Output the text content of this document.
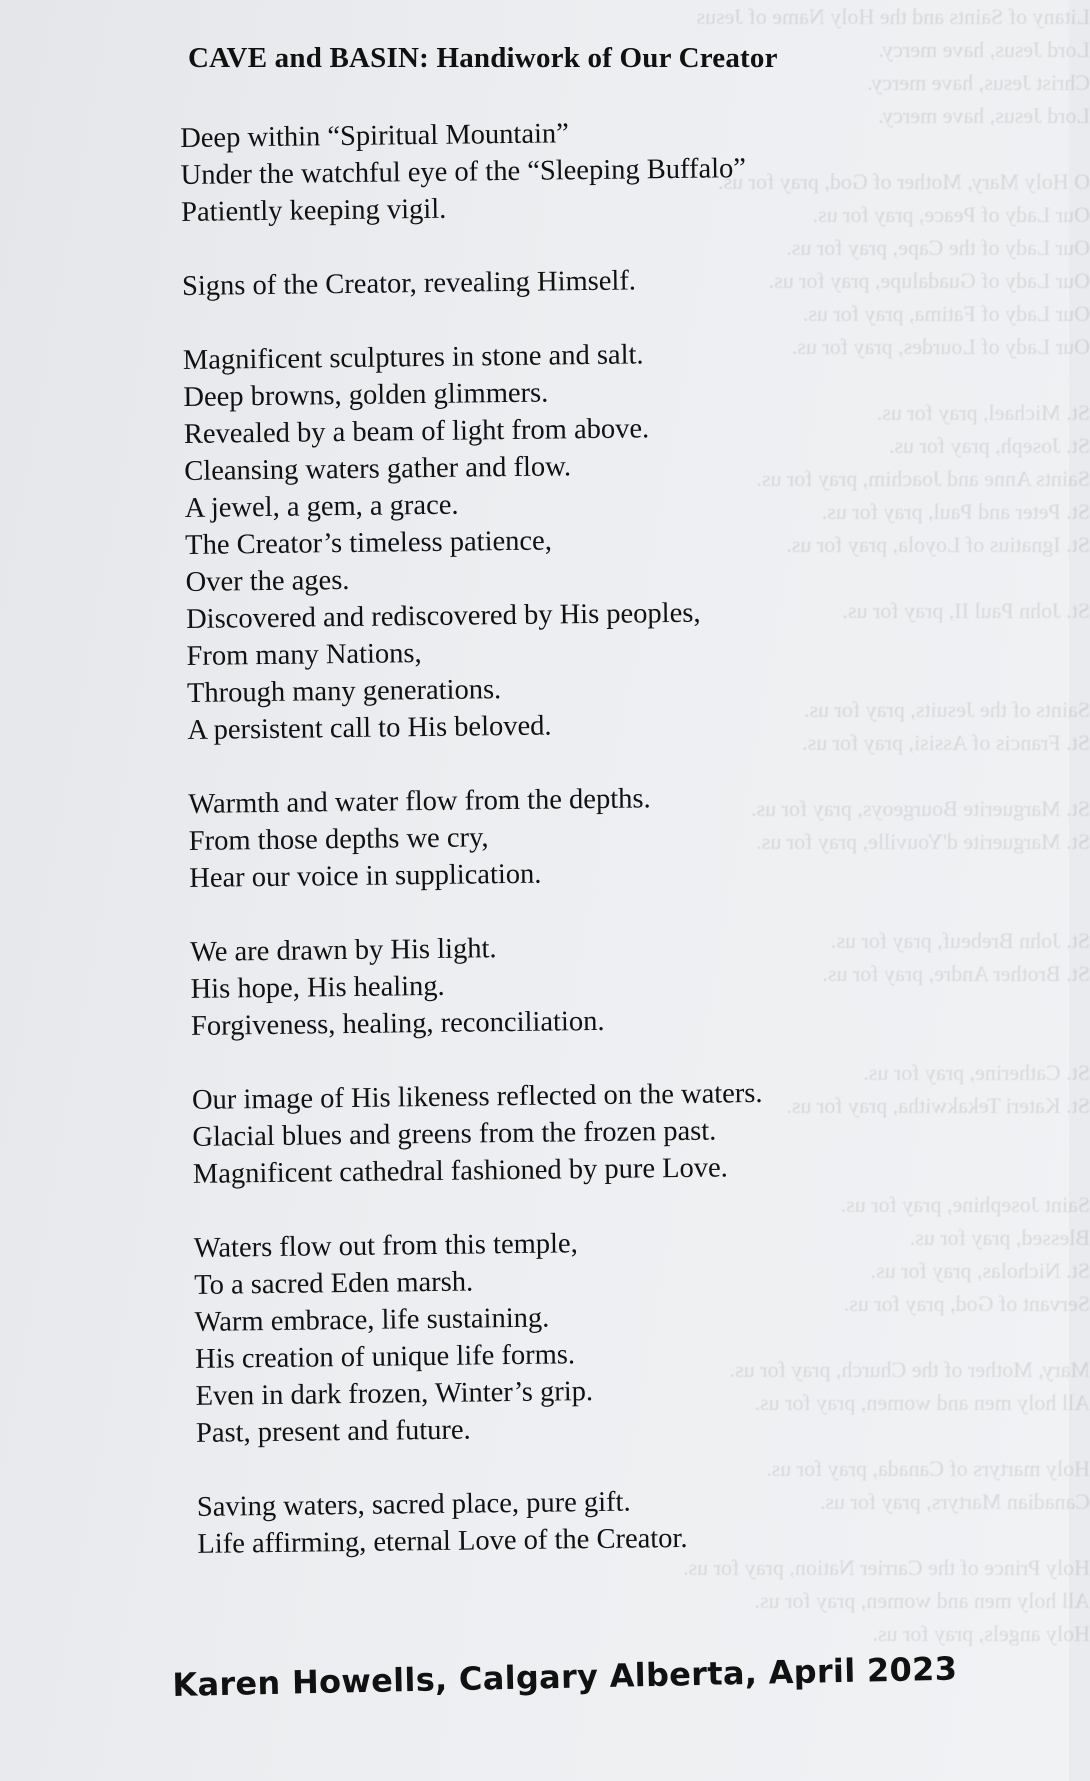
Litany of Saints and the Holy Name of Jesus
Lord Jesus, have mercy.
Christ Jesus, have mercy.
Lord Jesus, have mercy.
O Holy Mary, Mother of God, pray for us.
Our Lady of Peace, pray for us.
Our Lady of the Cape, pray for us.
Our Lady of Guadalupe, pray for us.
Our Lady of Fatima, pray for us.
Our Lady of Lourdes, pray for us.
St. Michael, pray for us.
St. Joseph, pray for us.
Saints Anne and Joachim, pray for us.
St. Peter and Paul, pray for us.
St. Ignatius of Loyola, pray for us.
St. John Paul II, pray for us.
Saints of the Jesuits, pray for us.
St. Francis of Assisi, pray for us.
St. Marguerite Bourgeoys, pray for us.
St. Marguerite d'Youville, pray for us.
St. John Brebeuf, pray for us.
St. Brother Andre, pray for us.
St. Catherine, pray for us.
St. Kateri Tekakwitha, pray for us.
Saint Josephine, pray for us.
Blessed, pray for us.
St. Nicholas, pray for us.
Servant of God, pray for us.
Mary, Mother of the Church, pray for us.
All holy men and women, pray for us.
Holy martyrs of Canada, pray for us.
Canadian Martyrs, pray for us.
Holy Prince of the Carrier Nation, pray for us.
All holy men and women, pray for us.
Holy angels, pray for us.
CAVE and BASIN: Handiwork of Our Creator
Deep within “Spiritual Mountain”
Under the watchful eye of the “Sleeping Buffalo”
Patiently keeping vigil.
Signs of the Creator, revealing Himself.
Magnificent sculptures in stone and salt.
Deep browns, golden glimmers.
Revealed by a beam of light from above.
Cleansing waters gather and flow.
A jewel, a gem, a grace.
The Creator’s timeless patience,
Over the ages.
Discovered and rediscovered by His peoples,
From many Nations,
Through many generations.
A persistent call to His beloved.
Warmth and water flow from the depths.
From those depths we cry,
Hear our voice in supplication.
We are drawn by His light.
His hope, His healing.
Forgiveness, healing, reconciliation.
Our image of His likeness reflected on the waters.
Glacial blues and greens from the frozen past.
Magnificent cathedral fashioned by pure Love.
Waters flow out from this temple,
To a sacred Eden marsh.
Warm embrace, life sustaining.
His creation of unique life forms.
Even in dark frozen, Winter’s grip.
Past, present and future.
Saving waters, sacred place, pure gift.
Life affirming, eternal Love of the Creator.
Karen Howells, Calgary Alberta, April 2023
